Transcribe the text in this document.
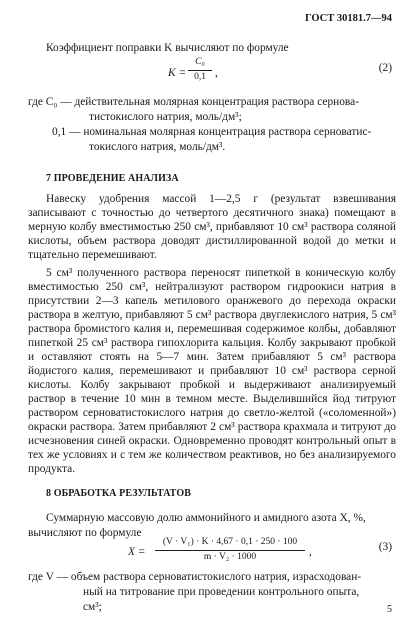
ГОСТ 30181.7—94
Коэффициент поправки K вычисляют по формуле
K =
C₀
0,1 ,	(2)
где C₀ — действительная молярная концентрация раствора сернова-
тистокислого натрия, моль/дм³;
0,1 — номинальная молярная концентрация раствора серноватис-
токислого натрия, моль/дм³.
7 ПРОВЕДЕНИЕ АНАЛИЗА
Навеску удобрения массой 1—2,5 г (результат взвешивания записывают с точностью до четвертого десятичного знака) помещают в мерную колбу вместимостью 250 см³, прибавляют 10 см³ раствора соляной кислоты, объем раствора доводят дистиллированной водой до метки и тщательно перемешивают.
5 см³ полученного раствора переносят пипеткой в коническую колбу вместимостью 250 см³, нейтрализуют раствором гидроокиси натрия в присутствии 2—3 капель метилового оранжевого до перехода окраски раствора в желтую, прибавляют 5 см³ раствора двуглекислого натрия, 5 см³ раствора бромистого калия и, перемешивая содержимое колбы, добавляют пипеткой 25 см³ раствора гипохлорита кальция. Колбу закрывают пробкой и оставляют стоять на 5—7 мин. Затем прибавляют 5 см³ раствора йодистого калия, перемешивают и прибавляют 10 см³ раствора серной кислоты. Колбу закрывают пробкой и выдерживают анализируемый раствор в течение 10 мин в темном месте. Выделившийся йод титруют раствором серноватистокислого натрия до светло-желтой («соломенной») окраски раствора. Затем прибавляют 2 см³ раствора крахмала и титруют до исчезновения синей окраски. Одновременно проводят контрольный опыт в тех же условиях и с тем же количеством реактивов, но без анализируемого продукта.
8 ОБРАБОТКА РЕЗУЛЬТАТОВ
Суммарную массовую долю аммонийного и амидного азота X, %,
вычисляют по формуле
X =
(V · V₁) · K · 4,67 · 0,1 · 250 · 100
m · V₂ · 1000	,	(3)
где V — объем раствора серноватистокислого натрия, израсходован-
ный на титрование при проведении контрольного опыта,
см³;	5
